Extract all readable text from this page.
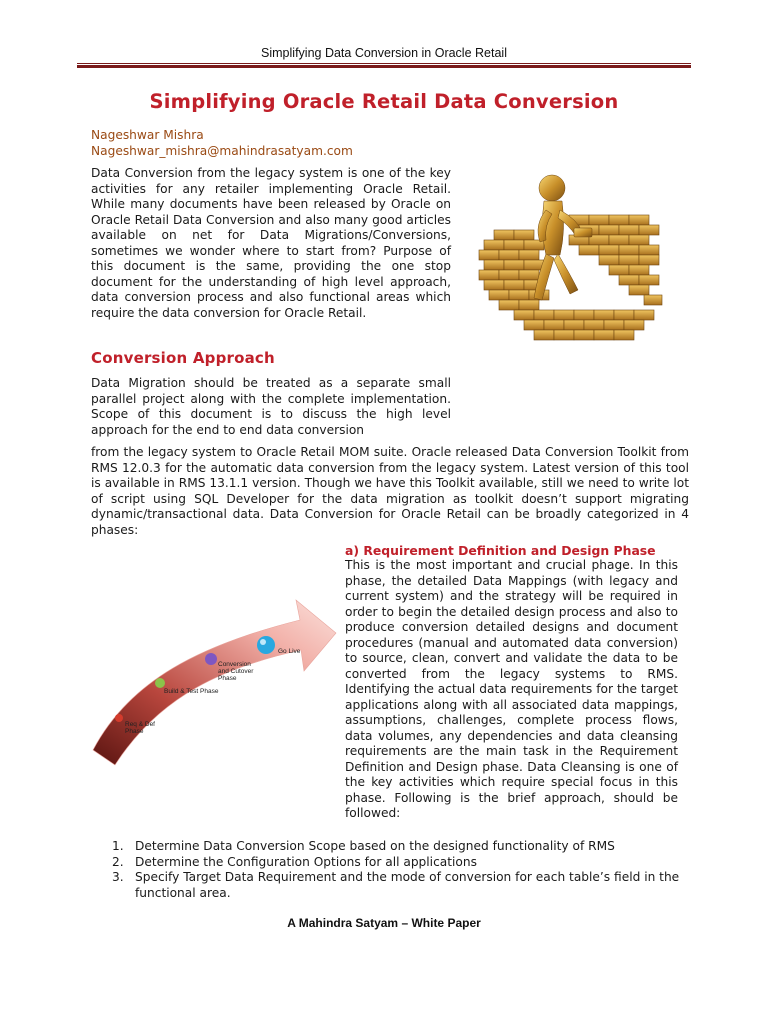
Simplifying Data Conversion in Oracle Retail
Simplifying Oracle Retail Data Conversion
Nageshwar Mishra
Nageshwar_mishra@mahindrasatyam.com
Data Conversion from the legacy system is one of the key activities for any retailer implementing Oracle Retail. While many documents have been released by Oracle on Oracle Retail Data Conversion and also many good articles available on net for Data Migrations/Conversions, sometimes we wonder where to start from? Purpose of this document is the same, providing the one stop document for the understanding of high level approach, data conversion process and also functional areas which require the data conversion for Oracle Retail.
Conversion Approach
Data Migration should be treated as a separate small parallel project along with the complete implementation. Scope of this document is to discuss the high level approach for the end to end data conversion
from the legacy system to Oracle Retail MOM suite. Oracle released Data Conversion Toolkit from RMS 12.0.3 for the automatic data conversion from the legacy system. Latest version of this tool is available in RMS 13.1.1 version. Though we have this Toolkit available, still we need to write lot of script using SQL Developer for the data migration as toolkit doesn’t support migrating dynamic/transactional data. Data Conversion for Oracle Retail can be broadly categorized in 4 phases:
Req & Def
Phase
Build & Test Phase
Conversion
and Cutover
Phase
Go Live
a) Requirement Definition and Design Phase
This is the most important and crucial phage. In this phase, the detailed Data Mappings (with legacy and current system) and the strategy will be required in order to begin the detailed design process and also to produce conversion detailed designs and document procedures (manual and automated data conversion) to source, clean, convert and validate the data to be converted from the legacy systems to RMS. Identifying the actual data requirements for the target applications along with all associated data mappings, assumptions, challenges, complete process flows, data volumes, any dependencies and data cleansing requirements are the main task in the Requirement Definition and Design phase. Data Cleansing is one of the key activities which require special focus in this phase. Following is the brief approach, should be followed:
1. Determine Data Conversion Scope based on the designed functionality of RMS
2. Determine the Configuration Options for all applications
3. Specify Target Data Requirement and the mode of conversion for each table’s field in the functional area.
A Mahindra Satyam – White Paper
